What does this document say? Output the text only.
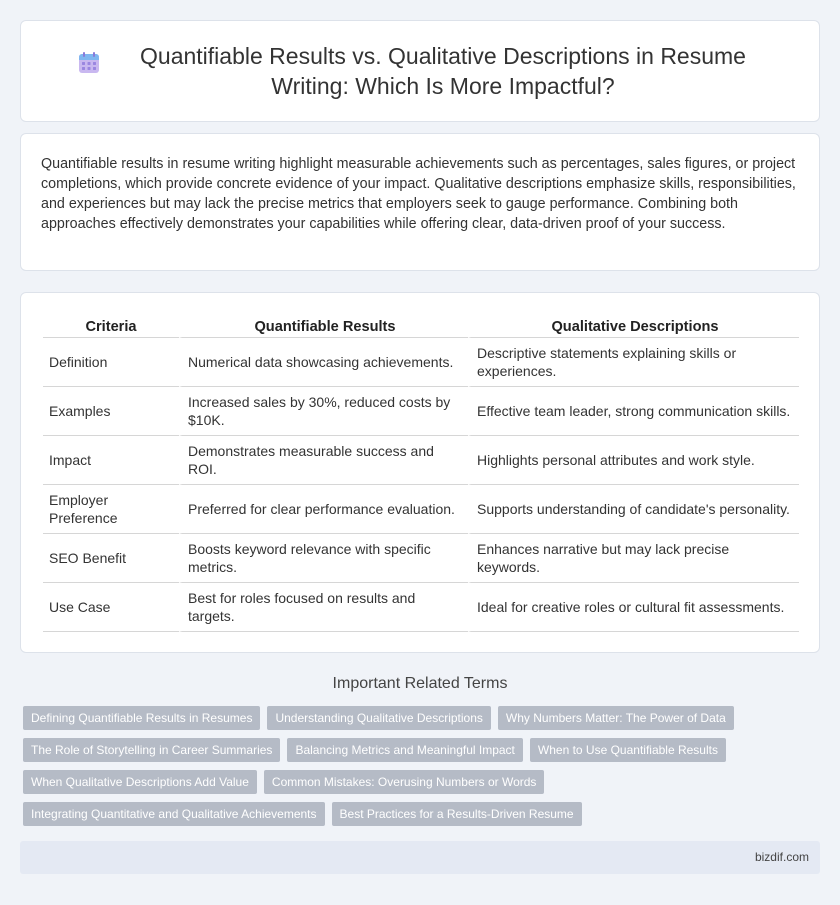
Quantifiable Results vs. Qualitative Descriptions in Resume Writing: Which Is More Impactful?

Quantifiable results in resume writing highlight measurable achievements such as percentages, sales figures, or project completions, which provide concrete evidence of your impact. Qualitative descriptions emphasize skills, responsibilities, and experiences but may lack the precise metrics that employers seek to gauge performance. Combining both approaches effectively demonstrates your capabilities while offering clear, data-driven proof of your success.

Criteria	Quantifiable Results	Qualitative Descriptions
Definition	Numerical data showcasing achievements.	Descriptive statements explaining skills or experiences.
Examples	Increased sales by 30%, reduced costs by $10K.	Effective team leader, strong communication skills.
Impact	Demonstrates measurable success and ROI.	Highlights personal attributes and work style.
Employer Preference	Preferred for clear performance evaluation.	Supports understanding of candidate's personality.
SEO Benefit	Boosts keyword relevance with specific metrics.	Enhances narrative but may lack precise keywords.
Use Case	Best for roles focused on results and targets.	Ideal for creative roles or cultural fit assessments.
Important Related Terms
Defining Quantifiable Results in Resumes	Understanding Qualitative Descriptions	Why Numbers Matter: The Power of Data
The Role of Storytelling in Career Summaries	Balancing Metrics and Meaningful Impact	When to Use Quantifiable Results
When Qualitative Descriptions Add Value	Common Mistakes: Overusing Numbers or Words
Integrating Quantitative and Qualitative Achievements	Best Practices for a Results-Driven Resume
bizdif.com
